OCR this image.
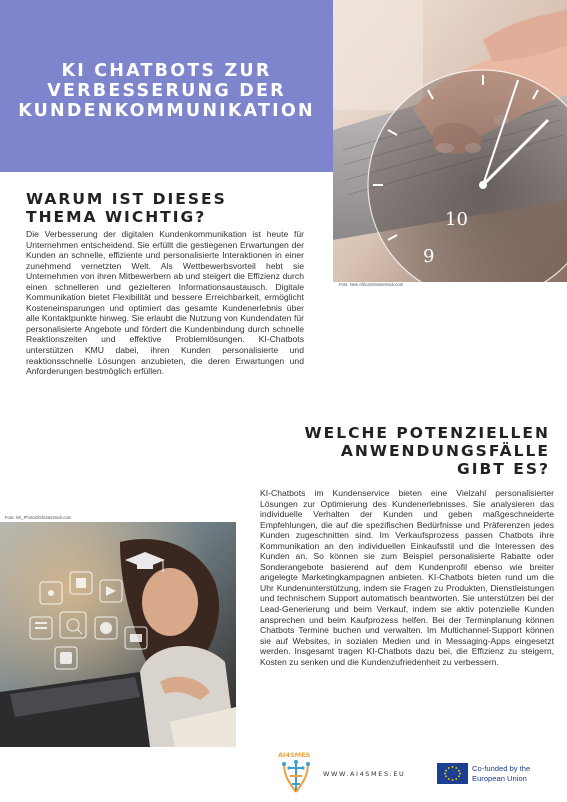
KI CHATBOTS ZUR
VERBESSERUNG DER
KUNDENKOMMUNIKATION
10
9
Foto: New Africa/Shutterstock.com
WARUM IST DIESES
THEMA WICHTIG?

Die Verbesserung der digitalen Kundenkommunikation ist heute für Unternehmen entscheidend. Sie erfüllt die gestiegenen Erwartungen der Kunden an schnelle, effiziente und personalisierte Interaktionen in einer zunehmend vernetzten Welt. Als Wettbewerbsvorteil hebt sie Unternehmen von ihren Mitbewerbern ab und steigert die Effizienz durch einen schnelleren und gezielteren Informationsaustausch. Digitale Kommunikation bietet Flexibilität und bessere Erreichbarkeit, ermöglicht Kosteneinsparungen und optimiert das gesamte Kundenerlebnis über alle Kontaktpunkte hinweg. Sie erlaubt die Nutzung von Kundendaten für personalisierte Angebote und fördert die Kundenbindung durch schnelle Reaktionszeiten und effektive Problemlösungen. KI-Chatbots unterstützen KMU dabei, ihren Kunden personalisierte und reaktionsschnelle Lösungen anzubieten, die deren Erwartungen und Anforderungen bestmöglich erfüllen.

WELCHE POTENZIELLEN
ANWENDUNGSFÄLLE
GIBT ES?

KI-Chatbots im Kundenservice bieten eine Vielzahl personalisierter Lösungen zur Optimierung des Kundenerlebnisses. Sie analysieren das individuelle Verhalten der Kunden und geben maßgeschneiderte Empfehlungen, die auf die spezifischen Bedürfnisse und Präferenzen jedes Kunden zugeschnitten sind. Im Verkaufsprozess passen Chatbots ihre Kommunikation an den individuellen Einkaufsstil und die Interessen des Kunden an. So können sie zum Beispiel personalisierte Rabatte oder Sonderangebote basierend auf dem Kundenprofil ebenso wie breiter angelegte Marketingkampagnen anbieten. KI-Chatbots bieten rund um die Uhr Kundenunterstützung, indem sie Fragen zu Produkten, Dienstleistungen und technischem Support automatisch beantworten. Sie unterstützen bei der Lead-Generierung und beim Verkauf, indem sie aktiv potenzielle Kunden ansprechen und beim Kaufprozess helfen. Bei der Terminplanung können Chatbots Termine buchen und verwalten. Im Multichannel-Support können sie auf Websites, in sozialen Medien und in Messaging-Apps eingesetzt werden. Insgesamt tragen KI-Chatbots dazu bei, die Effizienz zu steigern, Kosten zu senken und die Kundenzufriedenheit zu verbessern.

Foto: SK_Photoid/Shutterstock.com
AI4SMES
WWW.AI4SMES.EU
Co-funded by the
European Union
